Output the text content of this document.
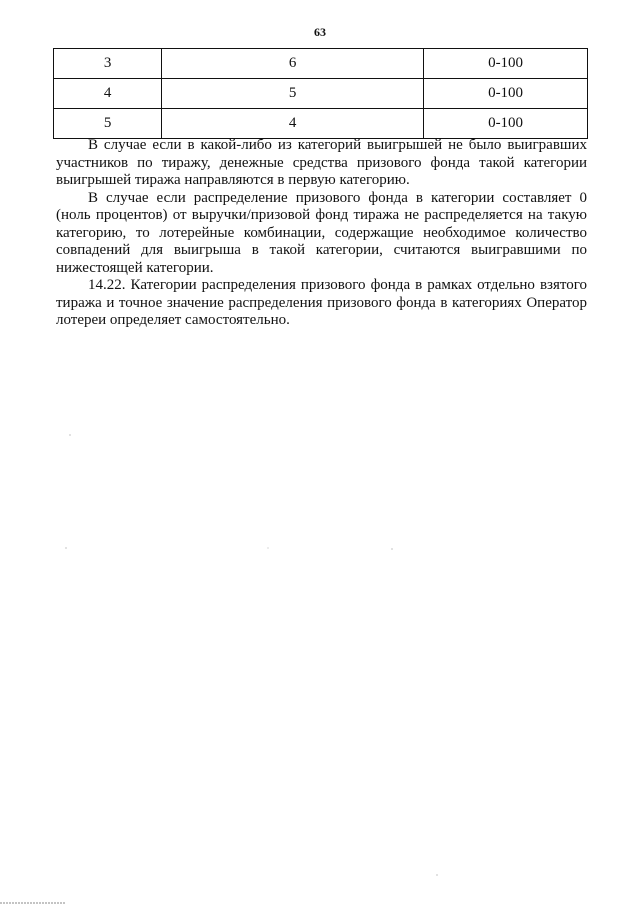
63
3	6	0-100
4	5	0-100
5	4	0-100

В случае если в какой-либо из категорий выигрышей не было выигравших участников по тиражу, денежные средства призового фонда такой категории выигрышей тиража направляются в первую категорию.

В случае если распределение призового фонда в категории составляет 0 (ноль процентов) от выручки/призовой фонд тиража не распределяется на такую категорию, то лотерейные комбинации, содержащие необходимое количество совпадений для выигрыша в такой категории, считаются выигравшими по нижестоящей категории.

14.22. Категории распределения призового фонда в рамках отдельно взятого тиража и точное значение распределения призового фонда в категориях Оператор лотереи определяет самостоятельно.
